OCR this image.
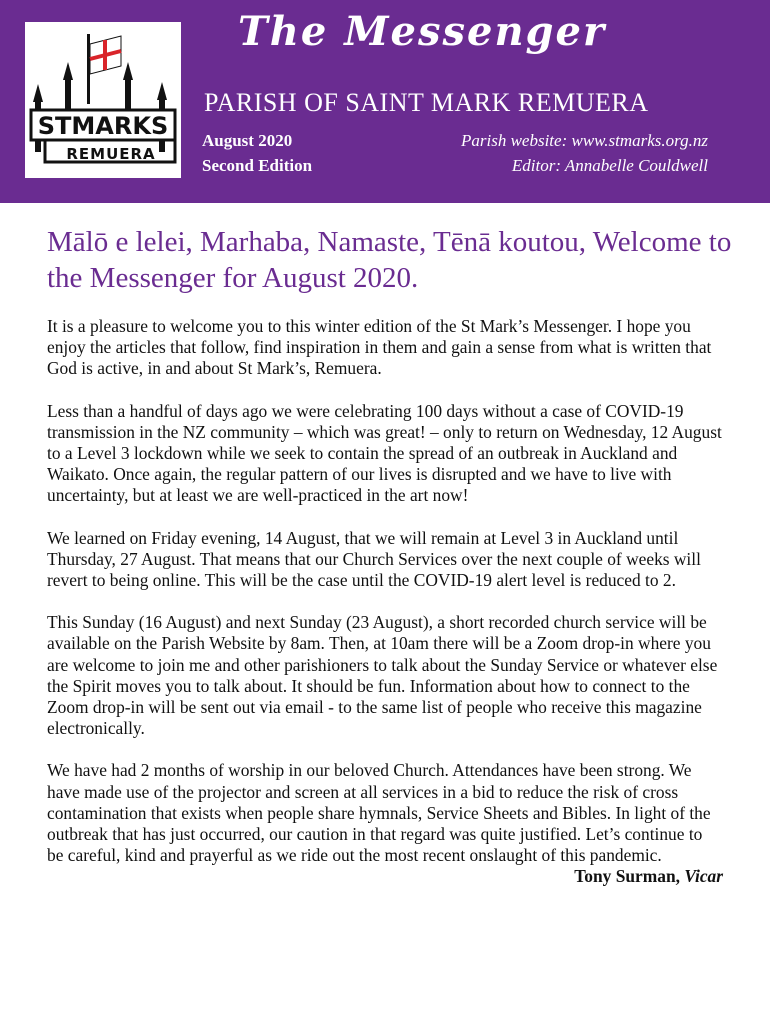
STMARKS
REMUERA
The Messenger
PARISH OF SAINT MARK REMUERA
August 2020
Second Edition
Parish website: www.stmarks.org.nz
Editor: Annabelle Couldwell
Mālō e lelei, Marhaba, Namaste, Tēnā koutou, Welcome to the Messenger for August 2020.

It is a pleasure to welcome you to this winter edition of the St Mark’s Messenger. I hope you enjoy the articles that follow, find inspiration in them and gain a sense from what is written that God is active, in and about St Mark’s, Remuera.

Less than a handful of days ago we were celebrating 100 days without a case of COVID-19 transmission in the NZ community – which was great! – only to return on Wednesday, 12 August to a Level 3 lockdown while we seek to contain the spread of an outbreak in Auckland and Waikato. Once again, the regular pattern of our lives is disrupted and we have to live with uncertainty, but at least we are well-practiced in the art now!

We learned on Friday evening, 14 August, that we will remain at Level 3 in Auckland until Thursday, 27 August. That means that our Church Services over the next couple of weeks will revert to being online. This will be the case until the COVID-19 alert level is reduced to 2.

This Sunday (16 August) and next Sunday (23 August), a short recorded church service will be available on the Parish Website by 8am. Then, at 10am there will be a Zoom drop-in where you are welcome to join me and other parishioners to talk about the Sunday Service or whatever else the Spirit moves you to talk about. It should be fun. Information about how to connect to the Zoom drop-in will be sent out via email - to the same list of people who receive this magazine electronically.

We have had 2 months of worship in our beloved Church. Attendances have been strong. We have made use of the projector and screen at all services in a bid to reduce the risk of cross contamination that exists when people share hymnals, Service Sheets and Bibles. In light of the outbreak that has just occurred, our caution in that regard was quite justified. Let’s continue to be careful, kind and prayerful as we ride out the most recent onslaught of this pandemic.
Tony Surman, Vicar
